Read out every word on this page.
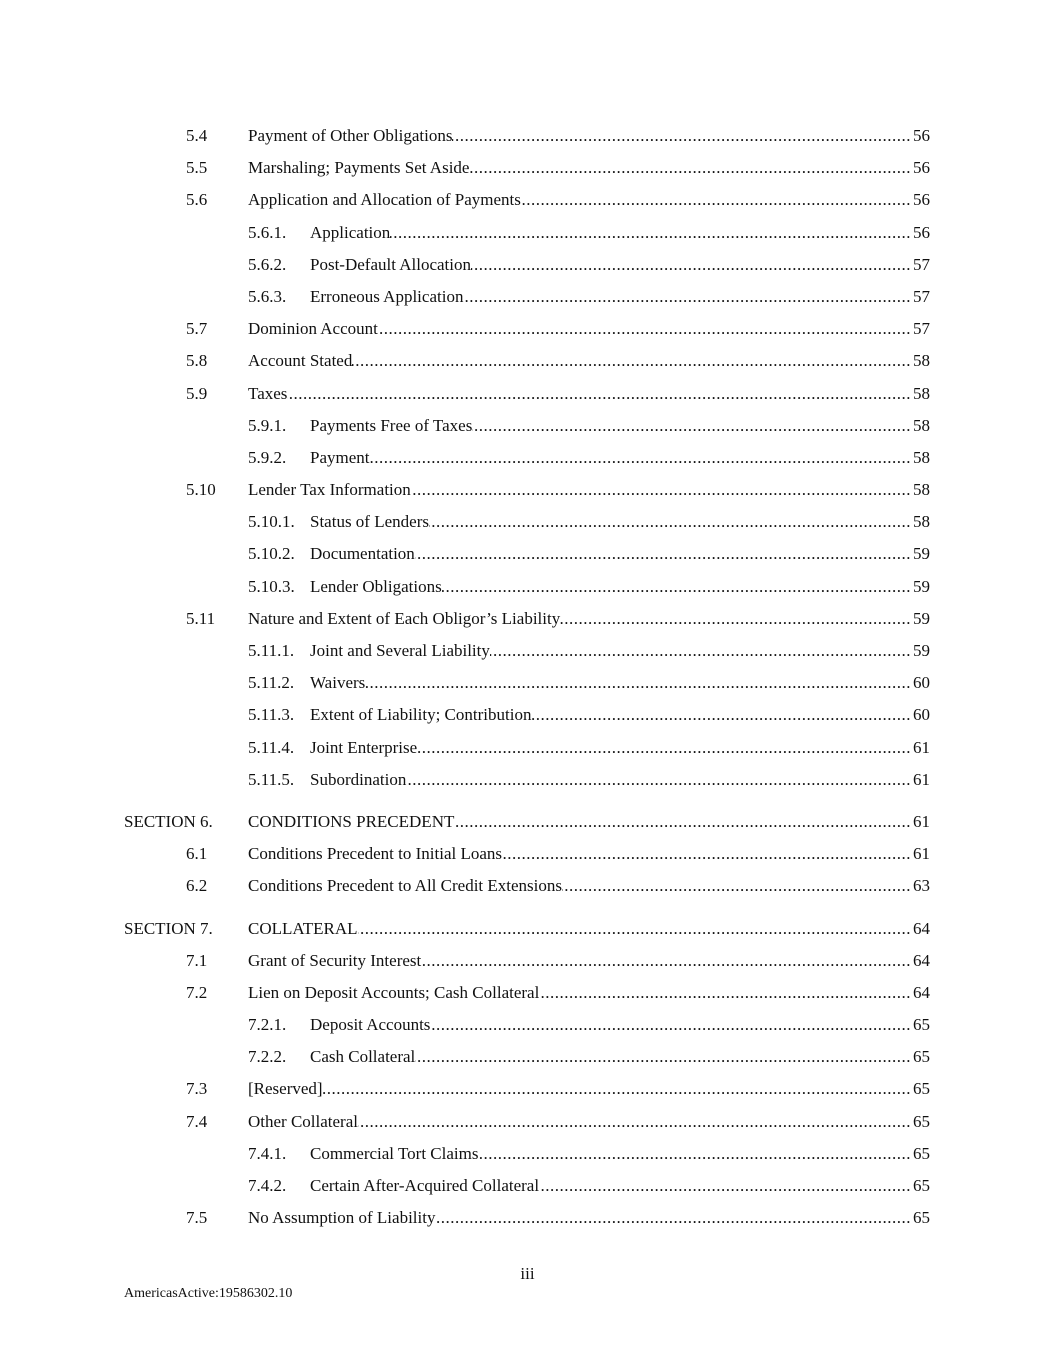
5.4 Payment of Other Obligations .....	56
5.5 Marshaling; Payments Set Aside .....	56
5.6 Application and Allocation of Payments .....	56
5.6.1. Application .....	56
5.6.2. Post-Default Allocation .....	57
5.6.3. Erroneous Application .....	57
5.7 Dominion Account .....	57
5.8 Account Stated .....	58
5.9 Taxes .....	58
5.9.1. Payments Free of Taxes .....	58
5.9.2. Payment .....	58
5.10 Lender Tax Information .....	58
5.10.1. Status of Lenders .....	58
5.10.2. Documentation .....	59
5.10.3. Lender Obligations .....	59
5.11 Nature and Extent of Each Obligor’s Liability .....	59
5.11.1. Joint and Several Liability .....	59
5.11.2. Waivers .....	60
5.11.3. Extent of Liability; Contribution .....	60
5.11.4. Joint Enterprise .....	61
5.11.5. Subordination .....	61
SECTION 6. CONDITIONS PRECEDENT .....	61
6.1 Conditions Precedent to Initial Loans .....	61
6.2 Conditions Precedent to All Credit Extensions .....	63
SECTION 7. COLLATERAL .....	64
7.1 Grant of Security Interest .....	64
7.2 Lien on Deposit Accounts; Cash Collateral .....	64
7.2.1. Deposit Accounts .....	65
7.2.2. Cash Collateral .....	65
7.3 [Reserved] .....	65
7.4 Other Collateral .....	65
7.4.1. Commercial Tort Claims .....	65
7.4.2. Certain After-Acquired Collateral .....	65
7.5 No Assumption of Liability .....	65
iii
AmericasActive:19586302.10
